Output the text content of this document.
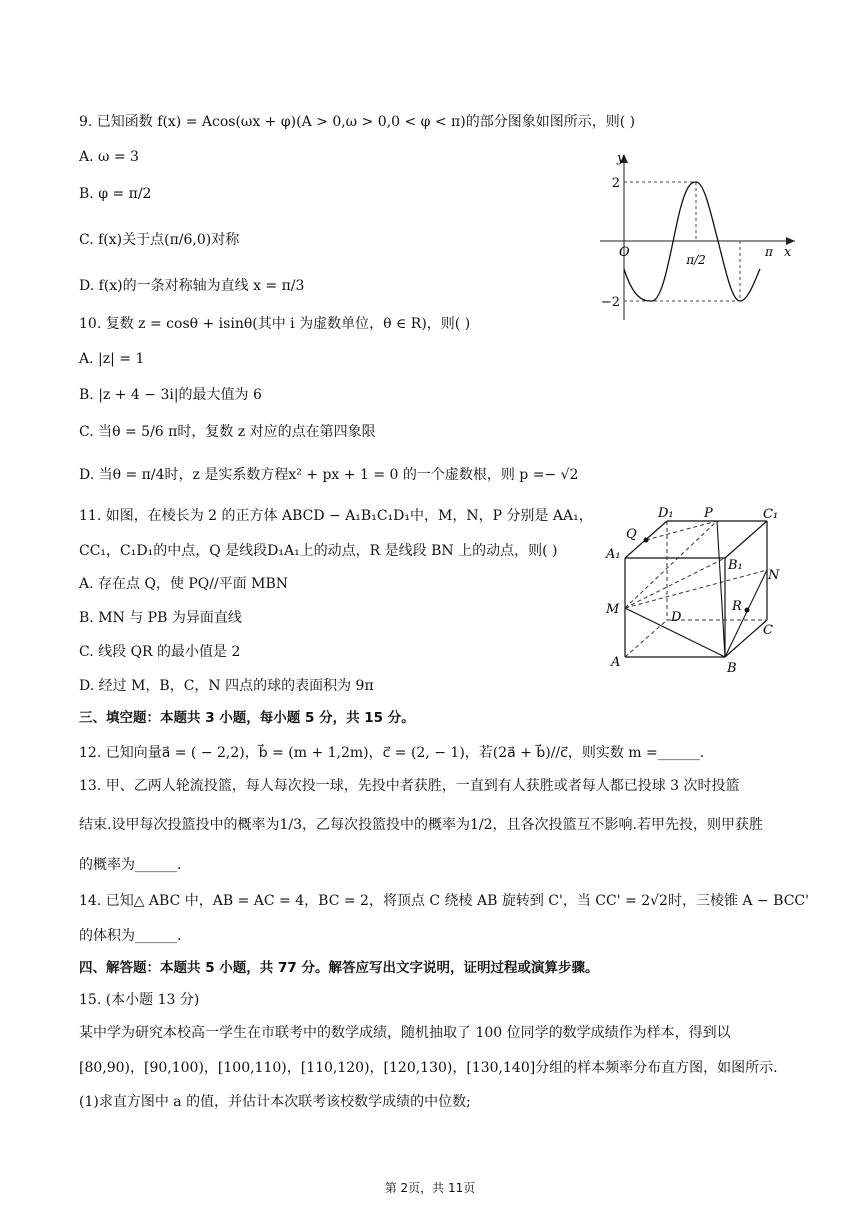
9. 已知函数 f(x) = Acos(ωx + φ)(A > 0,ω > 0,0 < φ < π)的部分图象如图所示，则( )
A. ω = 3
B. φ = π/2
C. f(x)关于点(π/6,0)对称
D. f(x)的一条对称轴为直线 x = π/3
y
x
O
2
−2
π/2
π
10. 复数 z = cosθ + isinθ(其中 i 为虚数单位，θ ∈ R)，则( )
A. |z| = 1
B. |z + 4 − 3i|的最大值为 6
C. 当θ = 5/6 π时，复数 z 对应的点在第四象限
D. 当θ = π/4时，z 是实系数方程x² + px + 1 = 0 的一个虚数根，则 p =− √2
11. 如图，在棱长为 2 的正方体 ABCD − A₁B₁C₁D₁中，M，N，P 分别是 AA₁，
CC₁，C₁D₁的中点，Q 是线段D₁A₁上的动点，R 是线段 BN 上的动点，则( )
A. 存在点 Q，使 PQ//平面 MBN
B. MN 与 PB 为异面直线
C. 线段 QR 的最小值是 2
D. 经过 M，B，C，N 四点的球的表面积为 9π
D₁ P	C₁
Q
A₁
B₁
N
M
D
R
C
A	B
三、填空题：本题共 3 小题，每小题 5 分，共 15 分。
12. 已知向量a⃗ = ( − 2,2)，b⃗ = (m + 1,2m)，c⃗ = (2, − 1)，若(2a⃗ + b⃗)//c⃗，则实数 m =______.
13. 甲、乙两人轮流投篮，每人每次投一球，先投中者获胜，一直到有人获胜或者每人都已投球 3 次时投篮
结束.设甲每次投篮投中的概率为1/3，乙每次投篮投中的概率为1/2，且各次投篮互不影响.若甲先投，则甲获胜
的概率为______.
14. 已知△ ABC 中，AB = AC = 4，BC = 2，将顶点 C 绕棱 AB 旋转到 C'，当 CC' = 2√2时，三棱锥 A − BCC'
的体积为______.
四、解答题：本题共 5 小题，共 77 分。解答应写出文字说明，证明过程或演算步骤。
15. (本小题 13 分)
某中学为研究本校高一学生在市联考中的数学成绩，随机抽取了 100 位同学的数学成绩作为样本，得到以
[80,90)，[90,100)，[100,110)，[110,120)，[120,130)，[130,140]分组的样本频率分布直方图，如图所示.
(1)求直方图中 a 的值，并估计本次联考该校数学成绩的中位数;
第 2页，共 11页
